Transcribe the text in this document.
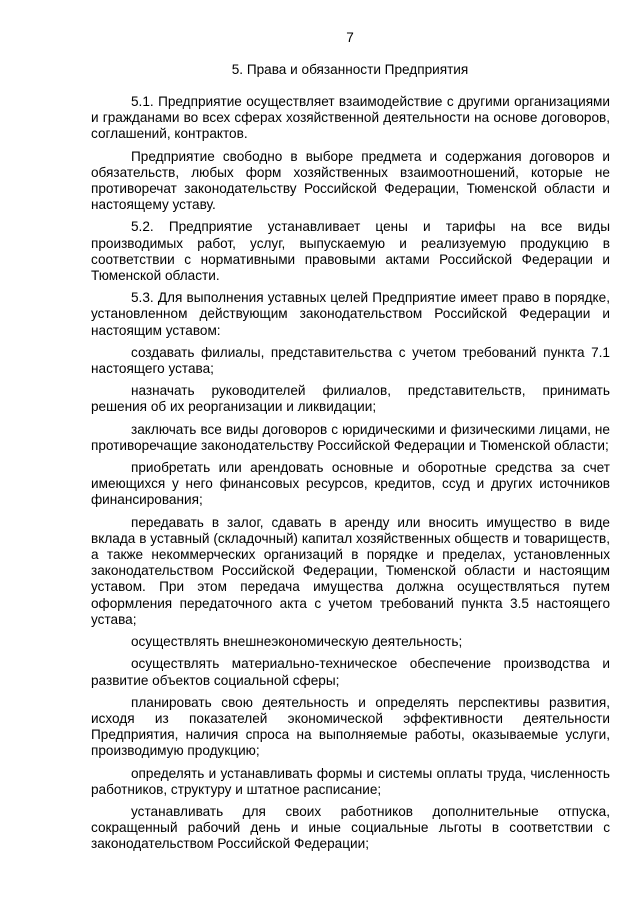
7
5. Права и обязанности Предприятия

5.1. Предприятие осуществляет взаимодействие с другими организациями и гражданами во всех сферах хозяйственной деятельности на основе договоров, соглашений, контрактов.

Предприятие свободно в выборе предмета и содержания договоров и обязательств, любых форм хозяйственных взаимоотношений, которые не противоречат законодательству Российской Федерации, Тюменской области и настоящему уставу.

5.2. Предприятие устанавливает цены и тарифы на все виды производимых работ, услуг, выпускаемую и реализуемую продукцию в соответствии с нормативными правовыми актами Российской Федерации и Тюменской области.

5.3. Для выполнения уставных целей Предприятие имеет право в порядке, установленном действующим законодательством Российской Федерации и настоящим уставом:

создавать филиалы, представительства с учетом требований пункта 7.1 настоящего устава;

назначать руководителей филиалов, представительств, принимать решения об их реорганизации и ликвидации;

заключать все виды договоров с юридическими и физическими лицами, не противоречащие законодательству Российской Федерации и Тюменской области;

приобретать или арендовать основные и оборотные средства за счет имеющихся у него финансовых ресурсов, кредитов, ссуд и других источников финансирования;

передавать в залог, сдавать в аренду или вносить имущество в виде вклада в уставный (складочный) капитал хозяйственных обществ и товариществ, а также некоммерческих организаций в порядке и пределах, установленных законодательством Российской Федерации, Тюменской области и настоящим уставом. При этом передача имущества должна осуществляться путем оформления передаточного акта с учетом требований пункта 3.5 настоящего устава;

осуществлять внешнеэкономическую деятельность;

осуществлять материально-техническое обеспечение производства и развитие объектов социальной сферы;

планировать свою деятельность и определять перспективы развития, исходя из показателей экономической эффективности деятельности Предприятия, наличия спроса на выполняемые работы, оказываемые услуги, производимую продукцию;

определять и устанавливать формы и системы оплаты труда, численность работников, структуру и штатное расписание;

устанавливать для своих работников дополнительные отпуска, сокращенный рабочий день и иные социальные льготы в соответствии с законодательством Российской Федерации;
